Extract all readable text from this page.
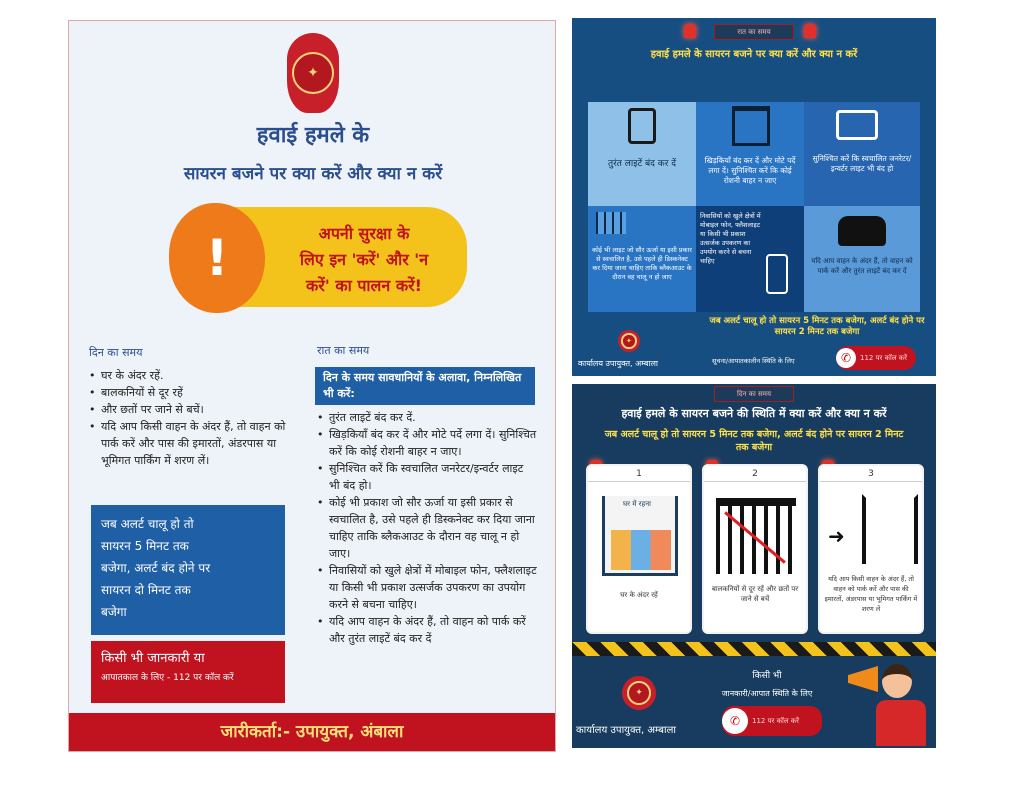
✦
हवाई हमले के
सायरन बजने पर क्या करें और क्या न करें
!	अपनी सुरक्षा के
लिए इन 'करें' और 'न
करें' का पालन करें!
दिन का समय
• घर के अंदर रहें.
• बालकनियों से दूर रहें
• और छतों पर जाने से बचें।
• यदि आप किसी वाहन के अंदर हैं, तो वाहन को पार्क करें और पास की इमारतों, अंडरपास या भूमिगत पार्किंग में शरण लें।
जब अलर्ट चालू हो तो
सायरन 5 मिनट तक
बजेगा, अलर्ट बंद होने पर
सायरन दो मिनट तक
बजेगा
किसी भी जानकारी या
आपातकाल के लिए - 112 पर कॉल करें
रात का समय
दिन के समय सावधानियों के अलावा, निम्नलिखित भी करें:
• तुरंत लाइटें बंद कर दें.
• खिड़कियाँ बंद कर दें और मोटे पर्दे लगा दें। सुनिश्चित करें कि कोई रोशनी बाहर न जाए।
• सुनिश्चित करें कि स्वचालित जनरेटर/इन्वर्टर लाइट भी बंद हो।
• कोई भी प्रकाश जो सौर ऊर्जा या इसी प्रकार से स्वचालित है, उसे पहले ही डिस्कनेक्ट कर दिया जाना चाहिए ताकि ब्लैकआउट के दौरान वह चालू न हो जाए।
• निवासियों को खुले क्षेत्रों में मोबाइल फोन, फ्लैशलाइट या किसी भी प्रकाश उत्सर्जक उपकरण का उपयोग करने से बचना चाहिए।
• यदि आप वाहन के अंदर हैं, तो वाहन को पार्क करें और तुरंत लाइटें बंद कर दें
जारीकर्ता:- उपायुक्त, अंबाला
रात का समय
हवाई हमले के सायरन बजने पर क्या करें और क्या न करें
तुरंत लाइटें बंद कर दें	खिड़कियाँ बंद कर दें और मोटे पर्दे लगा दें। सुनिश्चित करें कि कोई रोशनी बाहर न जाए
सुनिश्चित करें कि स्वचालित जनरेटर/इन्वर्टर लाइट भी बंद हो
कोई भी लाइट जो सौर ऊर्जा या इसी प्रकार से स्वचालित है, उसे पहले ही डिस्कनेक्ट कर दिया जाना चाहिए ताकि ब्लैकआउट के दौरान वह चालू न हो जाए
निवासियों को खुले क्षेत्रों में मोबाइल फोन, फ्लैशलाइट या किसी भी प्रकाश उत्सर्जक उपकरण का उपयोग करने से बचना चाहिए	यदि आप वाहन के अंदर हैं, तो वाहन को पार्क करें और तुरंत लाइटें बंद कर दें
जब अलर्ट चालू हो तो सायरन 5 मिनट तक बजेगा, अलर्ट बंद होने पर सायरन 2 मिनट तक बजेगा
✦
कार्यालय उपायुक्त, अम्बाला	सूचना/आपातकालीन स्थिति के लिए	✆	112 पर कॉल करें
दिन का समय
हवाई हमले के सायरन बजने की स्थिति में क्या करें और क्या न करें
जब अलर्ट चालू हो तो सायरन 5 मिनट तक बजेगा, अलर्ट बंद होने पर सायरन 2 मिनट तक बजेगा
1
घर में रहना
घर के अंदर रहें
2
बालकनियों से दूर रहें और छतों पर जाने से बचें
3
➜
यदि आप किसी वाहन के अंदर हैं, तो वाहन को पार्क करें और पास की इमारतों, अंडरपास या भूमिगत पार्किंग में शरण लें
✦
कार्यालय उपायुक्त, अम्बाला
किसी भी
जानकारी/आपात स्थिति के लिए
✆	112 पर कॉल करें
